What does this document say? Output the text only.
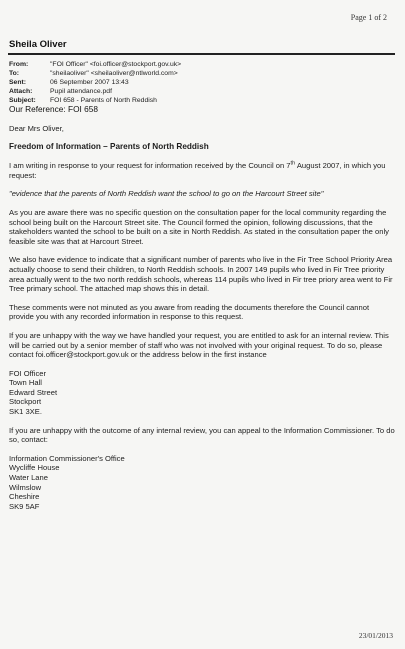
Page 1 of 2
Sheila Oliver
From:	"FOI Officer" <foi.officer@stockport.gov.uk>
To:	"sheilaoliver" <sheilaoliver@ntlworld.com>
Sent:	06 September 2007 13:43
Attach:	Pupil attendance.pdf
Subject:	FOI 658 - Parents of North Reddish
Our Reference: FOI 658

Dear Mrs Oliver,

Freedom of Information – Parents of North Reddish

I am writing in response to your request for information received by the Council on 7th August 2007, in which you request:

"evidence that the parents of North Reddish want the school to go on the Harcourt Street site"

As you are aware there was no specific question on the consultation paper for the local community regarding the school being built on the Harcourt Street site. The Council formed the opinion, following discussions, that the stakeholders wanted the school to be built on a site in North Reddish. As stated in the consultation paper the only feasible site was that at Harcourt Street.

We also have evidence to indicate that a significant number of parents who live in the Fir Tree School Priority Area actually choose to send their children, to North Reddish schools. In 2007 149 pupils who lived in Fir Tree priority area actually went to the two north reddish schools, whereas 114 pupils who lived in Fir tree priory area went to Fir Tree primary school. The attached map shows this in detail.

These comments were not minuted as you aware from reading the documents therefore the Council cannot provide you with any recorded information in response to this request.

If you are unhappy with the way we have handled your request, you are entitled to ask for an internal review. This will be carried out by a senior member of staff who was not involved with your original request. To do so, please contact foi.officer@stockport.gov.uk or the address below in the first instance

FOI Officer
Town Hall
Edward Street
Stockport
SK1 3XE.

If you are unhappy with the outcome of any internal review, you can appeal to the Information Commissioner. To do so, contact:

Information Commissioner's Office
Wycliffe House
Water Lane
Wilmslow
Cheshire
SK9 5AF
23/01/2013
